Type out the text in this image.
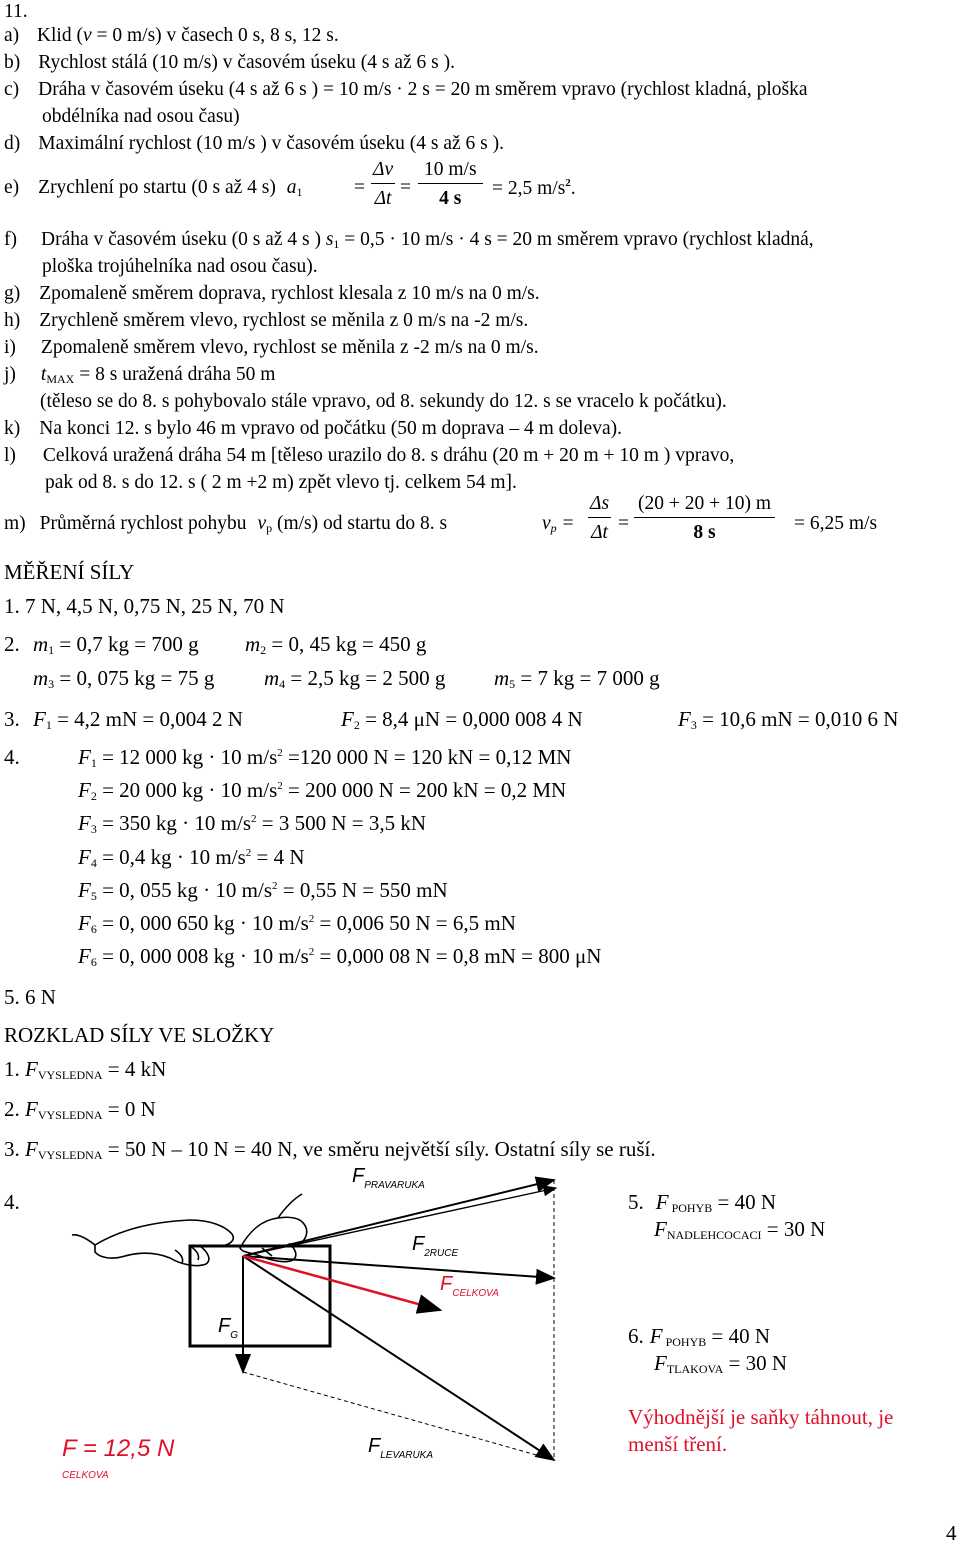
11.
a) Klid (v = 0 m/s) v časech 0 s, 8 s, 12 s.
b) Rychlost stálá (10 m/s) v časovém úseku (4 s až 6 s ).
c) Dráha v časovém úseku (4 s až 6 s ) = 10 m/s · 2 s = 20 m směrem vpravo (rychlost kladná, ploška
obdélníka nad osou času)
d) Maximální rychlost (10 m/s ) v časovém úseku (4 s až 6 s ).
e) Zrychlení po startu (0 s až 4 s) $a_1$	= $\frac{\Delta v}{\Delta t} = \frac{10 m/s}{4 s} = 2,5$ $m/s^2$.
f) Dráha v časovém úseku (0 s až 4 s ) $s_1 = 0,5 \cdot 10$ m/s · 4 s = 20 m směrem vpravo (rychlost kladná,
ploška trojúhelníka nad osou času).
g) Zpomaleně směrem doprava, rychlost klesala z 10 m/s na 0 m/s.
h) Zrychleně směrem vlevo, rychlost se měnila z 0 m/s na -2 m/s.
i) Zpomaleně směrem vlevo, rychlost se měnila z -2 m/s na 0 m/s.
j) $t_{MAX} = 8$ s uražená dráha 50 m
(těleso se do 8. s pohybovalo stále vpravo, od 8. sekundy do 12. s se vracelo k počátku).
k) Na konci 12. s bylo 46 m vpravo od počátku (50 m doprava – 4 m doleva).
l) Celková uražená dráha 54 m [těleso urazilo do 8. s dráhu (20 m + 20 m + 10 m ) vpravo,
pak od 8. s do 12. s ( 2 m +2 m) zpět vlevo tj. celkem 54 m].
m) Průměrná rychlost pohybu $v_p$ (m/s) od startu do 8. s	$v_p = \frac{\Delta s}{\Delta t} = \frac{(20 + 20 + 10) m}{8 s} = 6,25$ m/s
MĚŘENÍ SÍLY
1. 7 N, 4,5 N, 0,75 N, 25 N, 70 N
2. $m_1 = 0,7$ kg = 700 g $m_2 = 0$, 45 kg = 450 g
$m_3 = 0$, 075 kg = 75 g $m_4 = 2,5$ kg = 2 500 g $m_5 = 7$ kg = 7 000 g
3. $F_1 = 4,2$ mN = 0,004 2 N	$F_2 = 8,4$ μN = 0,000 008 4 N	$F_3 = 10,6$ mN = 0,010 6 N
4.	$F_1 = 12$ 000 kg · 10 $m/s^2 =120$ 000 N = 120 kN = 0,12 MN
$F_2 = 20$ 000 kg · 10 $m/s^2 = 200$ 000 N = 200 kN = 0,2 MN
$F_3 = 350$ kg · 10 $m/s^2 = 3$ 500 N = 3,5 kN
$F_4 = 0,4$ kg · 10 $m/s^2 = 4$ N
$F_5 = 0$, 055 kg · 10 $m/s^2 = 0,55$ N = 550 mN
$F_6 = 0$, 000 650 kg · 10 $m/s^2 = 0,006$ 50 N = 6,5 mN
$F_6 = 0$, 000 008 kg · 10 $m/s^2 = 0,000$ 08 N = 0,8 mN = 800 μN
5. 6 N
ROZKLAD SÍLY VE SLOŽKY
1. $F_{VYSLEDNA} = 4$ kN
2. $F_{VYSLEDNA} = 0$ N
3. $F_{VYSLEDNA} = 50$ N – 10 N = 40 N, ve směru největší síly. Ostatní síly se ruší.
4.	5. F $_{POHYB}$ = 40 N
$F_{NADLEHCOCACI} = 30$ N
6. F $_{POHYB}$ = 40 N
$F_{TLAKOVA} = 30$ N
Výhodnější je saňky táhnout, je
menší tření.
4
$F_{PRAVARUKA}$
$F_{2RUCE}$
$F_{CELKOVA}$
$F_G$
$F_{LEVARUKA}$
F = 12,5 N
CELKOVA
